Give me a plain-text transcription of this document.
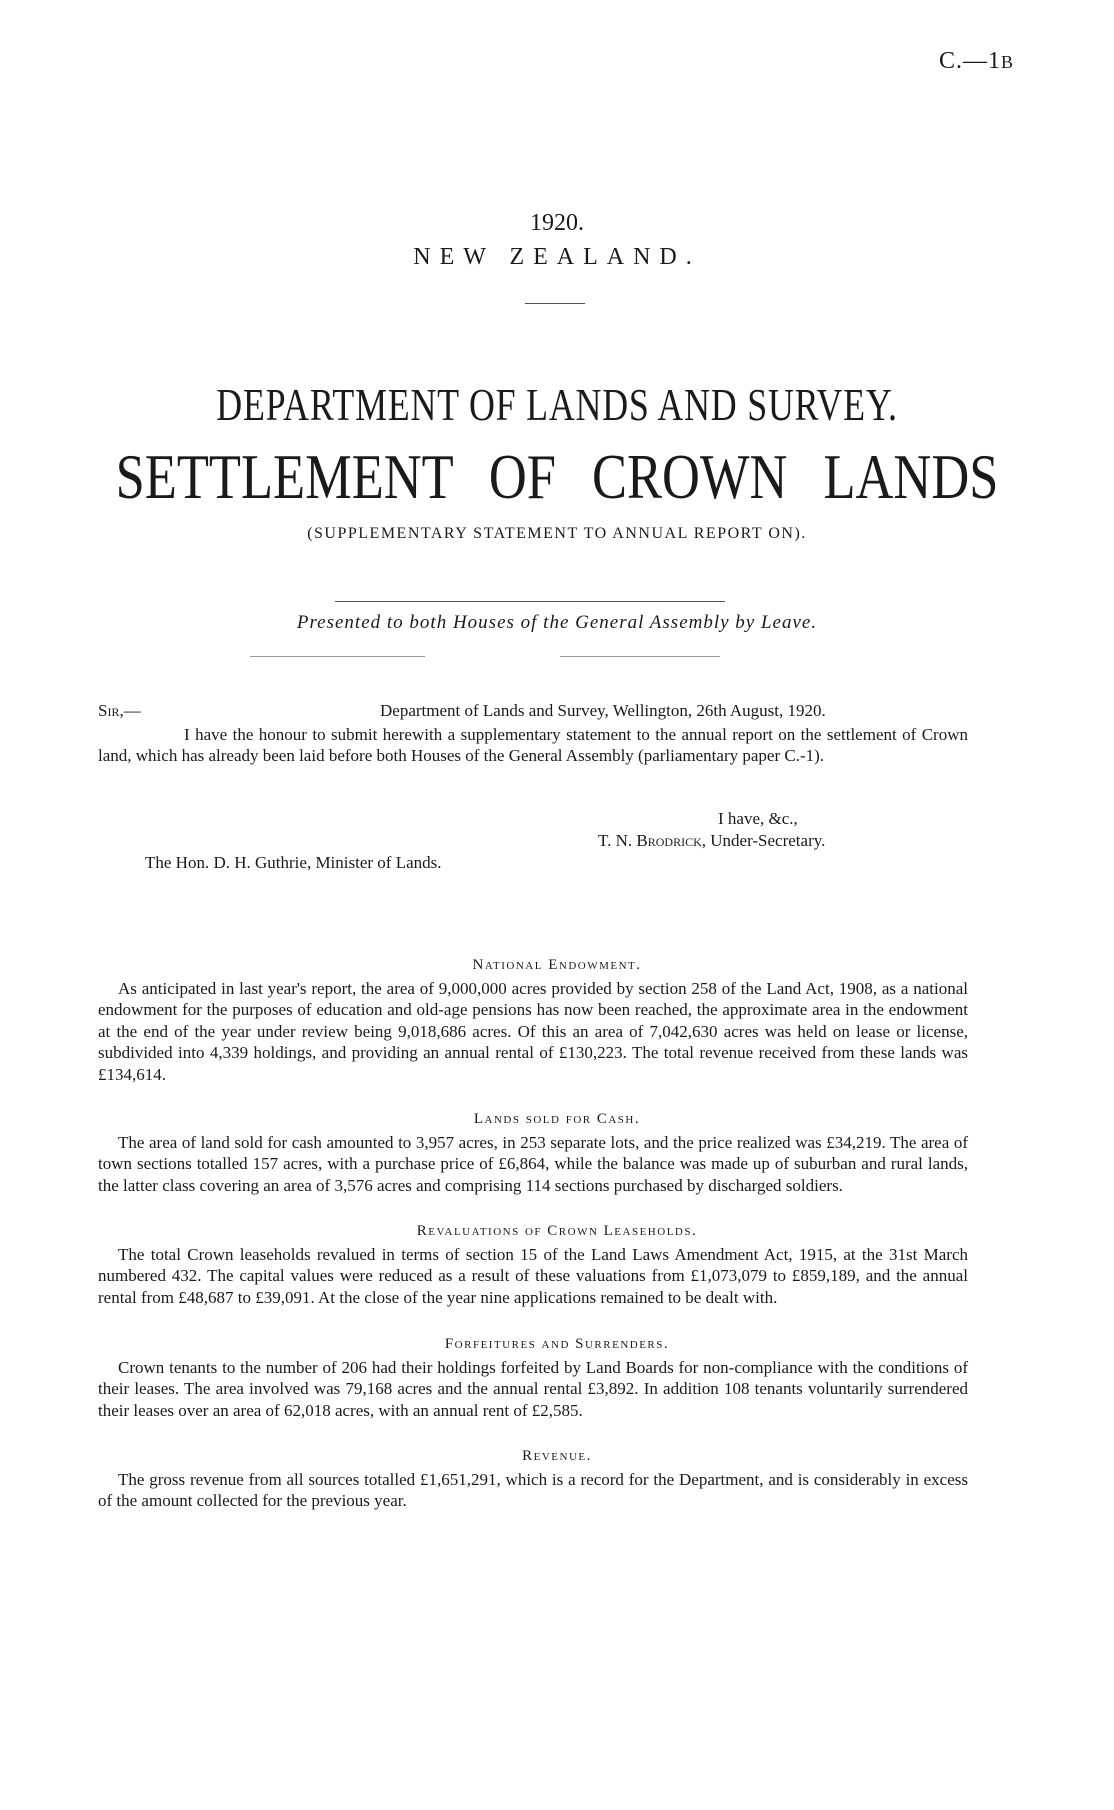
C.—1B
1920.
NEW ZEALAND.
DEPARTMENT OF LANDS AND SURVEY.
SETTLEMENT OF CROWN LANDS
(SUPPLEMENTARY STATEMENT TO ANNUAL REPORT ON).
Presented to both Houses of the General Assembly by Leave.
Sir,—	Department of Lands and Survey, Wellington, 26th August, 1920.
I have the honour to submit herewith a supplementary statement to the annual report on the settlement of Crown land, which has already been laid before both Houses of the General Assembly (parliamentary paper C.-1).
I have, &c.,
T. N. Brodrick, Under-Secretary.
The Hon. D. H. Guthrie, Minister of Lands.
National Endowment.
As anticipated in last year's report, the area of 9,000,000 acres provided by section 258 of the Land Act, 1908, as a national endowment for the purposes of education and old-age pensions has now been reached, the approximate area in the endowment at the end of the year under review being 9,018,686 acres. Of this an area of 7,042,630 acres was held on lease or license, subdivided into 4,339 holdings, and providing an annual rental of £130,223. The total revenue received from these lands was £134,614.
Lands sold for Cash.
The area of land sold for cash amounted to 3,957 acres, in 253 separate lots, and the price realized was £34,219. The area of town sections totalled 157 acres, with a purchase price of £6,864, while the balance was made up of suburban and rural lands, the latter class covering an area of 3,576 acres and comprising 114 sections purchased by discharged soldiers.
Revaluations of Crown Leaseholds.
The total Crown leaseholds revalued in terms of section 15 of the Land Laws Amendment Act, 1915, at the 31st March numbered 432. The capital values were reduced as a result of these valuations from £1,073,079 to £859,189, and the annual rental from £48,687 to £39,091. At the close of the year nine applications remained to be dealt with.
Forfeitures and Surrenders.
Crown tenants to the number of 206 had their holdings forfeited by Land Boards for non-compliance with the conditions of their leases. The area involved was 79,168 acres and the annual rental £3,892. In addition 108 tenants voluntarily surrendered their leases over an area of 62,018 acres, with an annual rent of £2,585.
Revenue.
The gross revenue from all sources totalled £1,651,291, which is a record for the Department, and is considerably in excess of the amount collected for the previous year.
